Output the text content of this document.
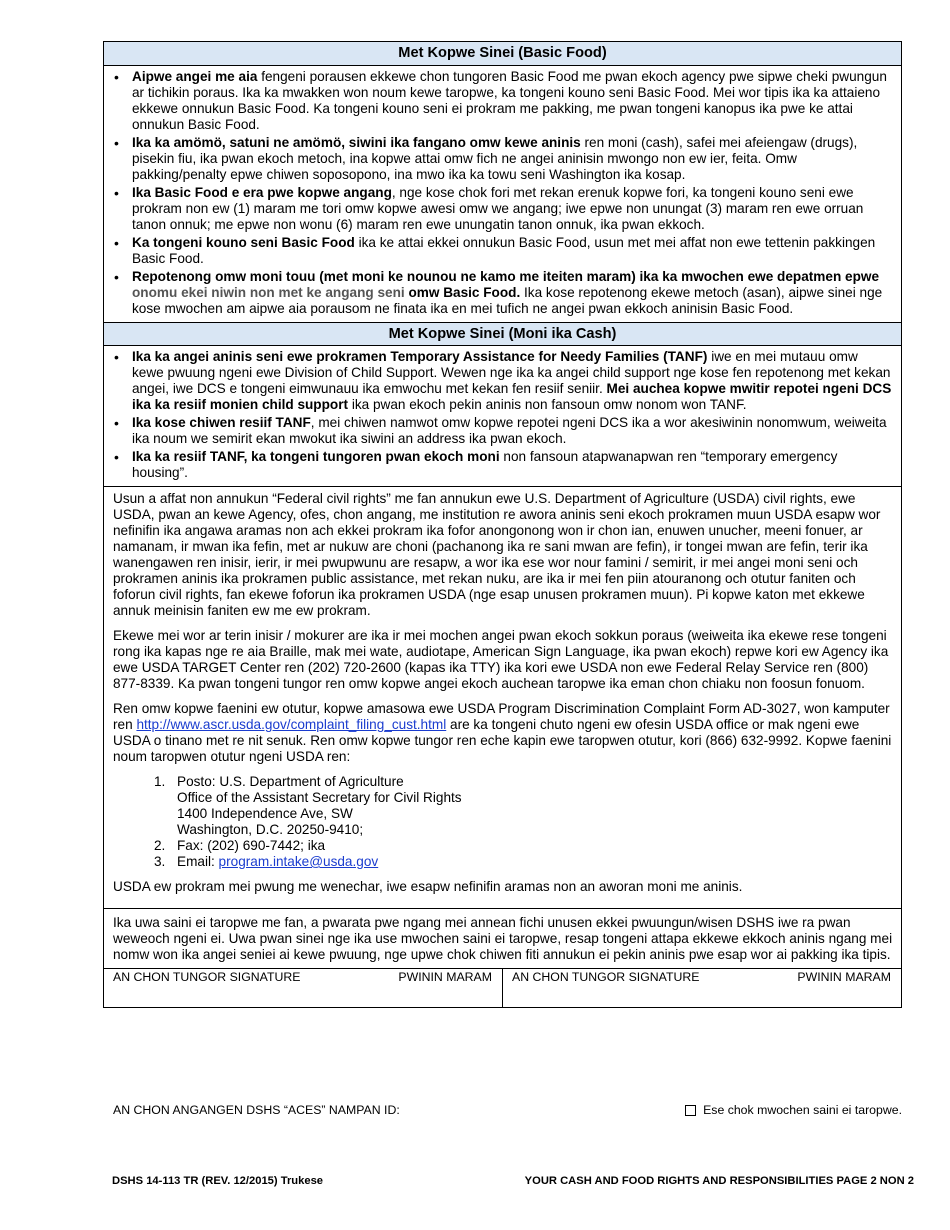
Met Kopwe Sinei (Basic Food)
• Aipwe angei me aia fengeni porausen ekkewe chon tungoren Basic Food me pwan ekoch agency pwe sipwe cheki pwungun ar tichikin poraus. Ika ka mwakken won noum kewe taropwe, ka tongeni kouno seni Basic Food. Mei wor tipis ika ka attaieno ekkewe onnukun Basic Food. Ka tongeni kouno seni ei prokram me pakking, me pwan tongeni kanopus ika pwe ke attai onnukun Basic Food.
• Ika ka amömö, satuni ne amömö, siwini ika fangano omw kewe aninis ren moni (cash), safei mei afeiengaw (drugs), pisekin fiu, ika pwan ekoch metoch, ina kopwe attai omw fich ne angei aninisin mwongo non ew ier, feita. Omw pakking/penalty epwe chiwen soposopono, ina mwo ika ka towu seni Washington ika kosap.
• Ika Basic Food e era pwe kopwe angang, nge kose chok fori met rekan erenuk kopwe fori, ka tongeni kouno seni ewe prokram non ew (1) maram me tori omw kopwe awesi omw we angang; iwe epwe non unungat (3) maram ren ewe orruan tanon onnuk; me epwe non wonu (6) maram ren ewe unungatin tanon onnuk, ika pwan ekkoch.
• Ka tongeni kouno seni Basic Food ika ke attai ekkei onnukun Basic Food, usun met mei affat non ewe tettenin pakkingen Basic Food.
• Repotenong omw moni touu (met moni ke nounou ne kamo me iteiten maram) ika ka mwochen ewe depatmen epwe onomu ekei niwin non met ke angang seni omw Basic Food. Ika kose repotenong ekewe metoch (asan), aipwe sinei nge kose mwochen am aipwe aia porausom ne finata ika en mei tufich ne angei pwan ekkoch aninisin Basic Food.
Met Kopwe Sinei (Moni ika Cash)
• Ika ka angei aninis seni ewe prokramen Temporary Assistance for Needy Families (TANF) iwe en mei mutauu omw kewe pwuung ngeni ewe Division of Child Support. Wewen nge ika ka angei child support nge kose fen repotenong met kekan angei, iwe DCS e tongeni eimwunauu ika emwochu met kekan fen resiif seniir. Mei auchea kopwe mwitir repotei ngeni DCS ika ka resiif monien child support ika pwan ekoch pekin aninis non fansoun omw nonom won TANF.
• Ika kose chiwen resiif TANF, mei chiwen namwot omw kopwe repotei ngeni DCS ika a wor akesiwinin nonomwum, weiweita ika noum we semirit ekan mwokut ika siwini an address ika pwan ekoch.
• Ika ka resiif TANF, ka tongeni tungoren pwan ekoch moni non fansoun atapwanapwan ren “temporary emergency housing”.

Usun a affat non annukun “Federal civil rights” me fan annukun ewe U.S. Department of Agriculture (USDA) civil rights, ewe USDA, pwan an kewe Agency, ofes, chon angang, me institution re awora aninis seni ekoch prokramen muun USDA esapw wor nefinifin ika angawa aramas non ach ekkei prokram ika fofor anongonong won ir chon ian, enuwen unucher, meeni fonuer, ar namanam, ir mwan ika fefin, met ar nukuw are choni (pachanong ika re sani mwan are fefin), ir tongei mwan are fefin, terir ika wanengawen ren inisir, ierir, ir mei pwupwunu are resapw, a wor ika ese wor nour famini / semirit, ir mei angei moni seni och prokramen aninis ika prokramen public assistance, met rekan nuku, are ika ir mei fen piin atouranong och otutur faniten och foforun civil rights, fan ekewe foforun ika prokramen USDA (nge esap unusen prokramen muun). Pi kopwe katon met ekkewe annuk meinisin faniten ew me ew prokram.

Ekewe mei wor ar terin inisir / mokurer are ika ir mei mochen angei pwan ekoch sokkun poraus (weiweita ika ekewe rese tongeni rong ika kapas nge re aia Braille, mak mei wate, audiotape, American Sign Language, ika pwan ekoch) repwe kori ew Agency ika ewe USDA TARGET Center ren (202) 720-2600 (kapas ika TTY) ika kori ewe USDA non ewe Federal Relay Service ren (800) 877-8339. Ka pwan tongeni tungor ren omw kopwe angei ekoch auchean taropwe ika eman chon chiaku non foosun fonuom.

Ren omw kopwe faenini ew otutur, kopwe amasowa ewe USDA Program Discrimination Complaint Form AD-3027, won kamputer ren http://www.ascr.usda.gov/complaint_filing_cust.html are ka tongeni chuto ngeni ew ofesin USDA office or mak ngeni ewe USDA o tinano met re nit senuk. Ren omw kopwe tungor ren eche kapin ewe taropwen otutur, kori (866) 632-9992. Kopwe faenini noum taropwen otutur ngeni USDA ren:

1. Posto: U.S. Department of Agriculture
Office of the Assistant Secretary for Civil Rights
1400 Independence Ave, SW
Washington, D.C. 20250-9410;
2. Fax: (202) 690-7442; ika
3. Email: program.intake@usda.gov

USDA ew prokram mei pwung me wenechar, iwe esapw nefinifin aramas non an aworan moni me aninis.

Ika uwa saini ei taropwe me fan, a pwarata pwe ngang mei annean fichi unusen ekkei pwuungun/wisen DSHS iwe ra pwan weweoch ngeni ei. Uwa pwan sinei nge ika use mwochen saini ei taropwe, resap tongeni attapa ekkewe ekkoch aninis ngang mei nomw won ika angei seniei ai kewe pwuung, nge upwe chok chiwen fiti annukun ei pekin aninis pwe esap wor ai pakking ika tipis.
AN CHON TUNGOR SIGNATURE	PWININ MARAM AN CHON TUNGOR SIGNATURE	PWININ MARAM
AN CHON ANGANGEN DSHS “ACES” NAMPAN ID:	Ese chok mwochen saini ei taropwe.
DSHS 14-113 TR (REV. 12/2015) Trukese	YOUR CASH AND FOOD RIGHTS AND RESPONSIBILITIES PAGE 2 NON 2
